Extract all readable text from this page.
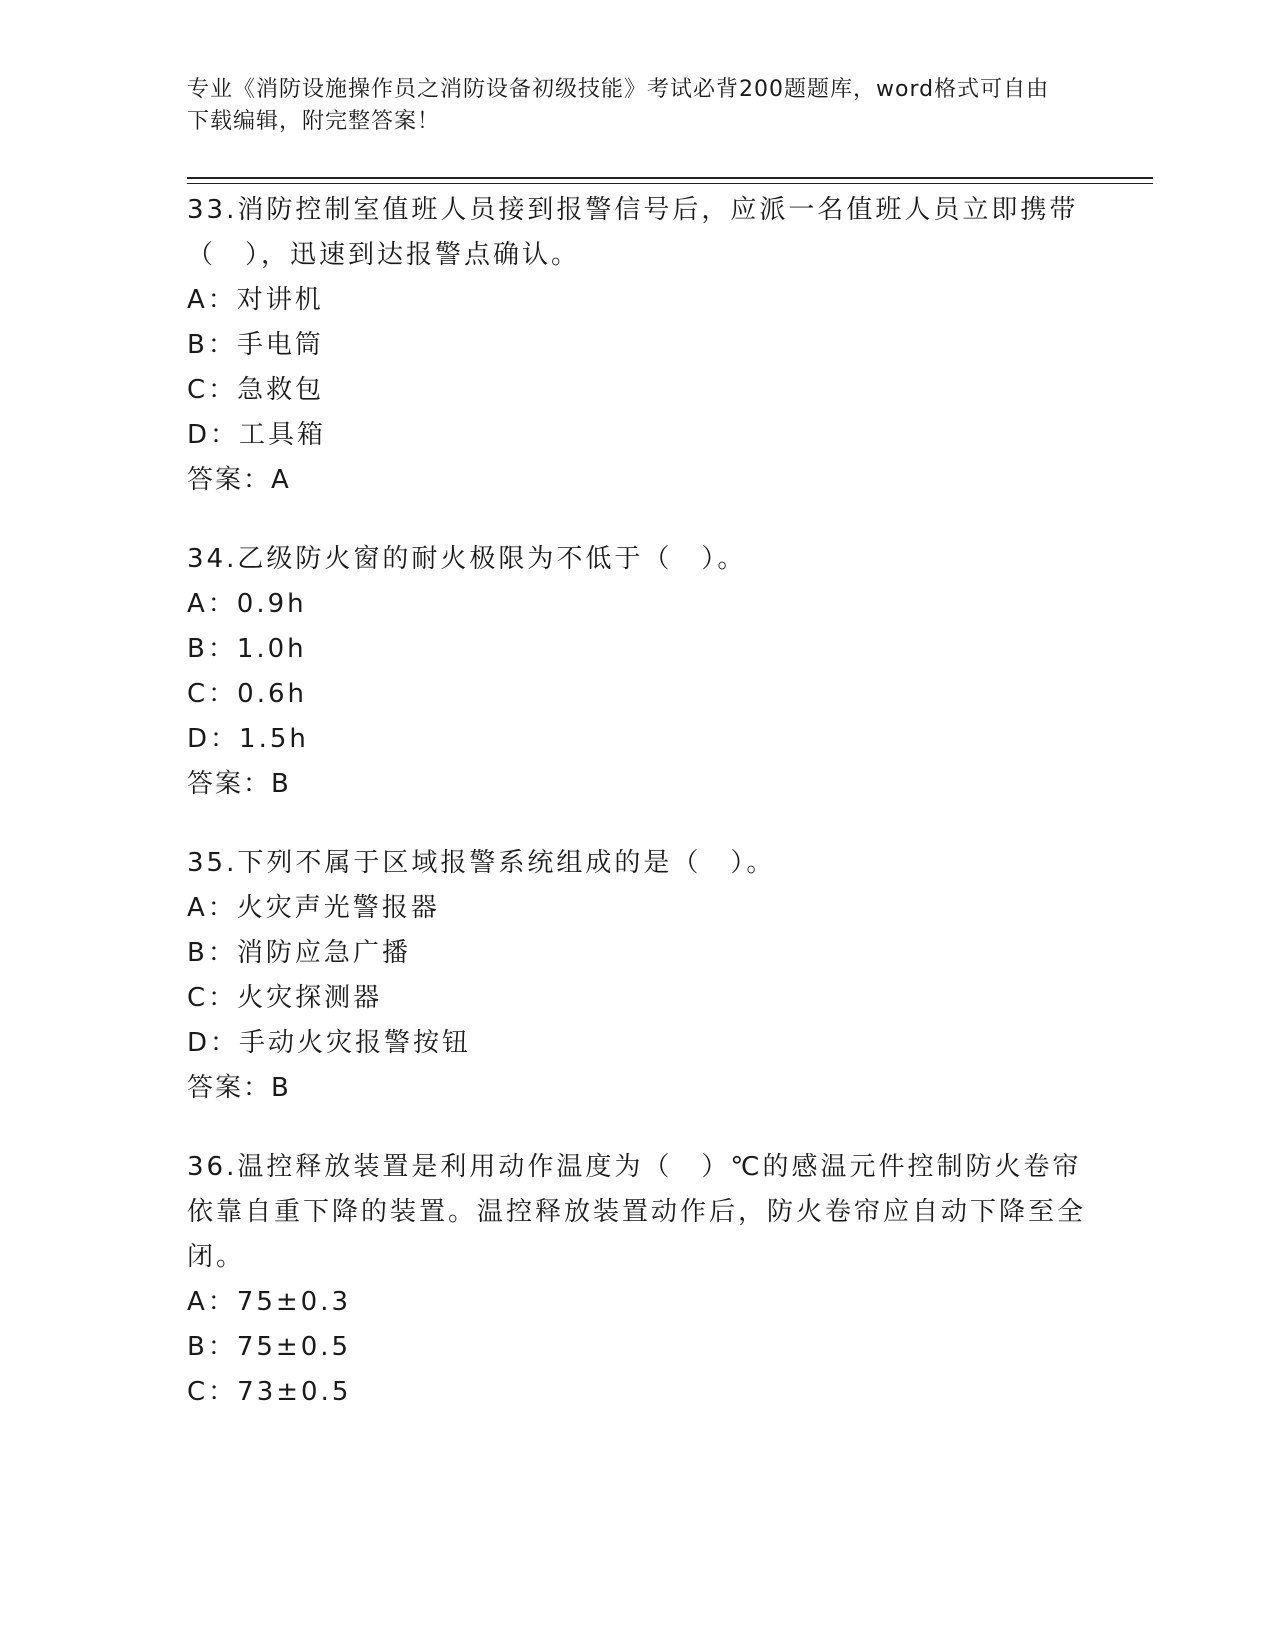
专业《消防设施操作员之消防设备初级技能》考试必背200题题库，word格式可自由下载编辑，附完整答案！

33.消防控制室值班人员接到报警信号后，应派一名值班人员立即携带（　），迅速到达报警点确认。

A：对讲机

B：手电筒

C：急救包

D：工具箱

答案：A

34.乙级防火窗的耐火极限为不低于（　）。

A：0.9h

B：1.0h

C：0.6h

D：1.5h

答案：B

35.下列不属于区域报警系统组成的是（　）。

A：火灾声光警报器

B：消防应急广播

C：火灾探测器

D：手动火灾报警按钮

答案：B

36.温控释放装置是利用动作温度为（　）℃的感温元件控制防火卷帘依靠自重下降的装置。温控释放装置动作后，防火卷帘应自动下降至全闭。

A：75±0.3

B：75±0.5

C：73±0.5
